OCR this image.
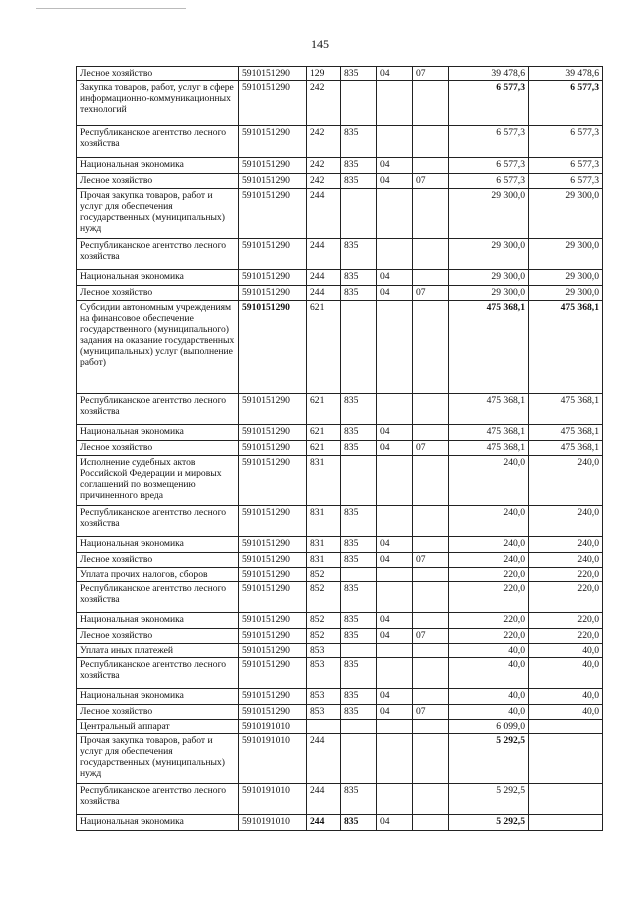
145
Лесное хозяйство	5910151290	129	835	04	07	39 478,6	39 478,6
Закупка товаров, работ, услуг в сфере информационно-коммуникационных технологий	5910151290	242				6 577,3	6 577,3
Республиканское агентство лесного хозяйства	5910151290	242	835			6 577,3	6 577,3
Национальная экономика	5910151290	242	835	04		6 577,3	6 577,3
Лесное хозяйство	5910151290	242	835	04	07	6 577,3	6 577,3
Прочая закупка товаров, работ и услуг для обеспечения государственных (муниципальных) нужд	5910151290	244				29 300,0	29 300,0
Республиканское агентство лесного хозяйства	5910151290	244	835			29 300,0	29 300,0
Национальная экономика	5910151290	244	835	04		29 300,0	29 300,0
Лесное хозяйство	5910151290	244	835	04	07	29 300,0	29 300,0
Субсидии автономным учреждениям на финансовое обеспечение государственного (муниципального) задания на оказание государственных (муниципальных) услуг (выполнение работ)	5910151290	621				475 368,1	475 368,1
Республиканское агентство лесного хозяйства	5910151290	621	835			475 368,1	475 368,1
Национальная экономика	5910151290	621	835	04		475 368,1	475 368,1
Лесное хозяйство	5910151290	621	835	04	07	475 368,1	475 368,1
Исполнение судебных актов Российской Федерации и мировых соглашений по возмещению причиненного вреда	5910151290	831				240,0	240,0
Республиканское агентство лесного хозяйства	5910151290	831	835			240,0	240,0
Национальная экономика	5910151290	831	835	04		240,0	240,0
Лесное хозяйство	5910151290	831	835	04	07	240,0	240,0
Уплата прочих налогов, сборов	5910151290	852				220,0	220,0
Республиканское агентство лесного хозяйства	5910151290	852	835			220,0	220,0
Национальная экономика	5910151290	852	835	04		220,0	220,0
Лесное хозяйство	5910151290	852	835	04	07	220,0	220,0
Уплата иных платежей	5910151290	853				40,0	40,0
Республиканское агентство лесного хозяйства	5910151290	853	835			40,0	40,0
Национальная экономика	5910151290	853	835	04		40,0	40,0
Лесное хозяйство	5910151290	853	835	04	07	40,0	40,0
Центральный аппарат	5910191010					6 099,0	
Прочая закупка товаров, работ и услуг для обеспечения государственных (муниципальных) нужд	5910191010	244				5 292,5	
Республиканское агентство лесного хозяйства	5910191010	244	835			5 292,5	
Национальная экономика	5910191010	244	835	04		5 292,5	
